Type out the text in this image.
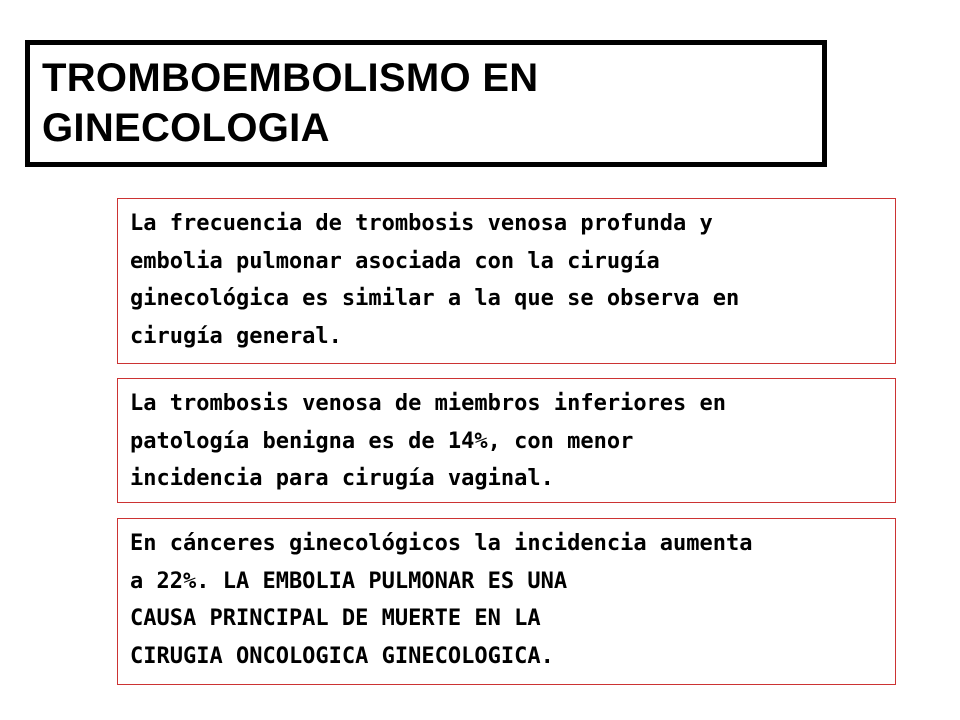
TROMBOEMBOLISMO EN
GINECOLOGIA

La frecuencia de trombosis venosa profunda y
embolia pulmonar asociada con la cirugía
ginecológica es similar a la que se observa en
cirugía general.

La trombosis venosa de miembros inferiores en
patología benigna es de 14%, con menor
incidencia para cirugía vaginal.

En cánceres ginecológicos la incidencia aumenta
a 22%. LA EMBOLIA PULMONAR ES UNA
CAUSA PRINCIPAL DE MUERTE EN LA
CIRUGIA ONCOLOGICA GINECOLOGICA.
